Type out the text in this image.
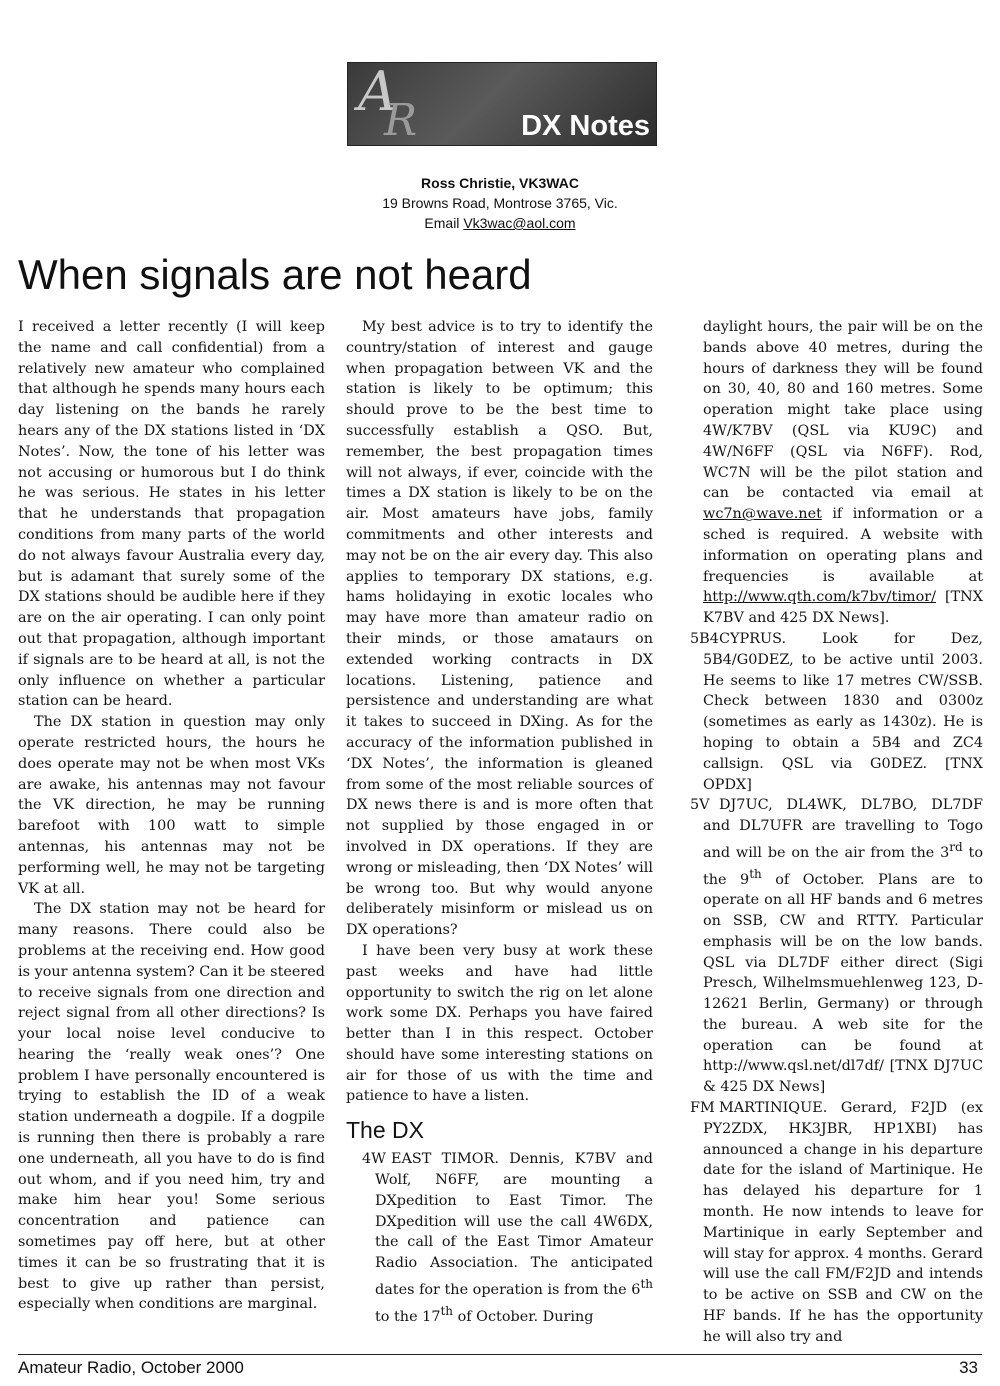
A
R	DX Notes
Ross Christie, VK3WAC
19 Browns Road, Montrose 3765, Vic.
Email Vk3wac@aol.com
When signals are not heard

I received a letter recently (I will keep the name and call confidential) from a relatively new amateur who complained that although he spends many hours each day listening on the bands he rarely hears any of the DX stations listed in ‘DX Notes’. Now, the tone of his letter was not accusing or humorous but I do think he was serious. He states in his letter that he understands that propagation conditions from many parts of the world do not always favour Australia every day, but is adamant that surely some of the DX stations should be audible here if they are on the air operating. I can only point out that propagation, although important if signals are to be heard at all, is not the only influence on whether a particular station can be heard.

The DX station in question may only operate restricted hours, the hours he does operate may not be when most VKs are awake, his antennas may not favour the VK direction, he may be running barefoot with 100 watt to simple antennas, his antennas may not be performing well, he may not be targeting VK at all.

The DX station may not be heard for many reasons. There could also be problems at the receiving end. How good is your antenna system? Can it be steered to receive signals from one direction and reject signal from all other directions? Is your local noise level conducive to hearing the ‘really weak ones’? One problem I have personally encountered is trying to establish the ID of a weak station underneath a dogpile. If a dogpile is running then there is probably a rare one underneath, all you have to do is find out whom, and if you need him, try and make him hear you! Some serious concentration and patience can sometimes pay off here, but at other times it can be so frustrating that it is best to give up rather than persist, especially when conditions are marginal.

My best advice is to try to identify the country/station of interest and gauge when propagation between VK and the station is likely to be optimum; this should prove to be the best time to successfully establish a QSO. But, remember, the best propagation times will not always, if ever, coincide with the times a DX station is likely to be on the air. Most amateurs have jobs, family commitments and other interests and may not be on the air every day. This also applies to temporary DX stations, e.g. hams holidaying in exotic locales who may have more than amateur radio on their minds, or those amataurs on extended working contracts in DX locations. Listening, patience and persistence and understanding are what it takes to succeed in DXing. As for the accuracy of the information published in ‘DX Notes’, the information is gleaned from some of the most reliable sources of DX news there is and is more often that not supplied by those engaged in or involved in DX operations. If they are wrong or misleading, then ‘DX Notes’ will be wrong too. But why would anyone deliberately misinform or mislead us on DX operations?

I have been very busy at work these past weeks and have had little opportunity to switch the rig on let alone work some DX. Perhaps you have faired better than I in this respect. October should have some interesting stations on air for those of us with the time and patience to have a listen.

The DX

4W EAST TIMOR. Dennis, K7BV and Wolf, N6FF, are mounting a DXpedition to East Timor. The DXpedition will use the call 4W6DX, the call of the East Timor Amateur Radio Association. The anticipated dates for the operation is from the 6th to the 17th of October. During

daylight hours, the pair will be on the bands above 40 metres, during the hours of darkness they will be found on 30, 40, 80 and 160 metres. Some operation might take place using 4W/K7BV (QSL via KU9C) and 4W/N6FF (QSL via N6FF). Rod, WC7N will be the pilot station and can be contacted via email at wc7n@wave.net if information or a sched is required. A website with information on operating plans and frequencies is available at http://www.qth.com/k7bv/timor/ [TNX K7BV and 425 DX News].

5B4 CYPRUS. Look for Dez, 5B4/G0DEZ, to be active until 2003. He seems to like 17 metres CW/SSB. Check between 1830 and 0300z (sometimes as early as 1430z). He is hoping to obtain a 5B4 and ZC4 callsign. QSL via G0DEZ. [TNX OPDX]

5V DJ7UC, DL4WK, DL7BO, DL7DF and DL7UFR are travelling to Togo and will be on the air from the 3rd to the 9th of October. Plans are to operate on all HF bands and 6 metres on SSB, CW and RTTY. Particular emphasis will be on the low bands. QSL via DL7DF either direct (Sigi Presch, Wilhelmsmuehlenweg 123, D-12621 Berlin, Germany) or through the bureau. A web site for the operation can be found at http://www.qsl.net/dl7df/ [TNX DJ7UC & 425 DX News]

FM MARTINIQUE. Gerard, F2JD (ex PY2ZDX, HK3JBR, HP1XBI) has announced a change in his departure date for the island of Martinique. He has delayed his departure for 1 month. He now intends to leave for Martinique in early September and will stay for approx. 4 months. Gerard will use the call FM/F2JD and intends to be active on SSB and CW on the HF bands. If he has the opportunity he will also try and

Amateur Radio, October 2000	33
